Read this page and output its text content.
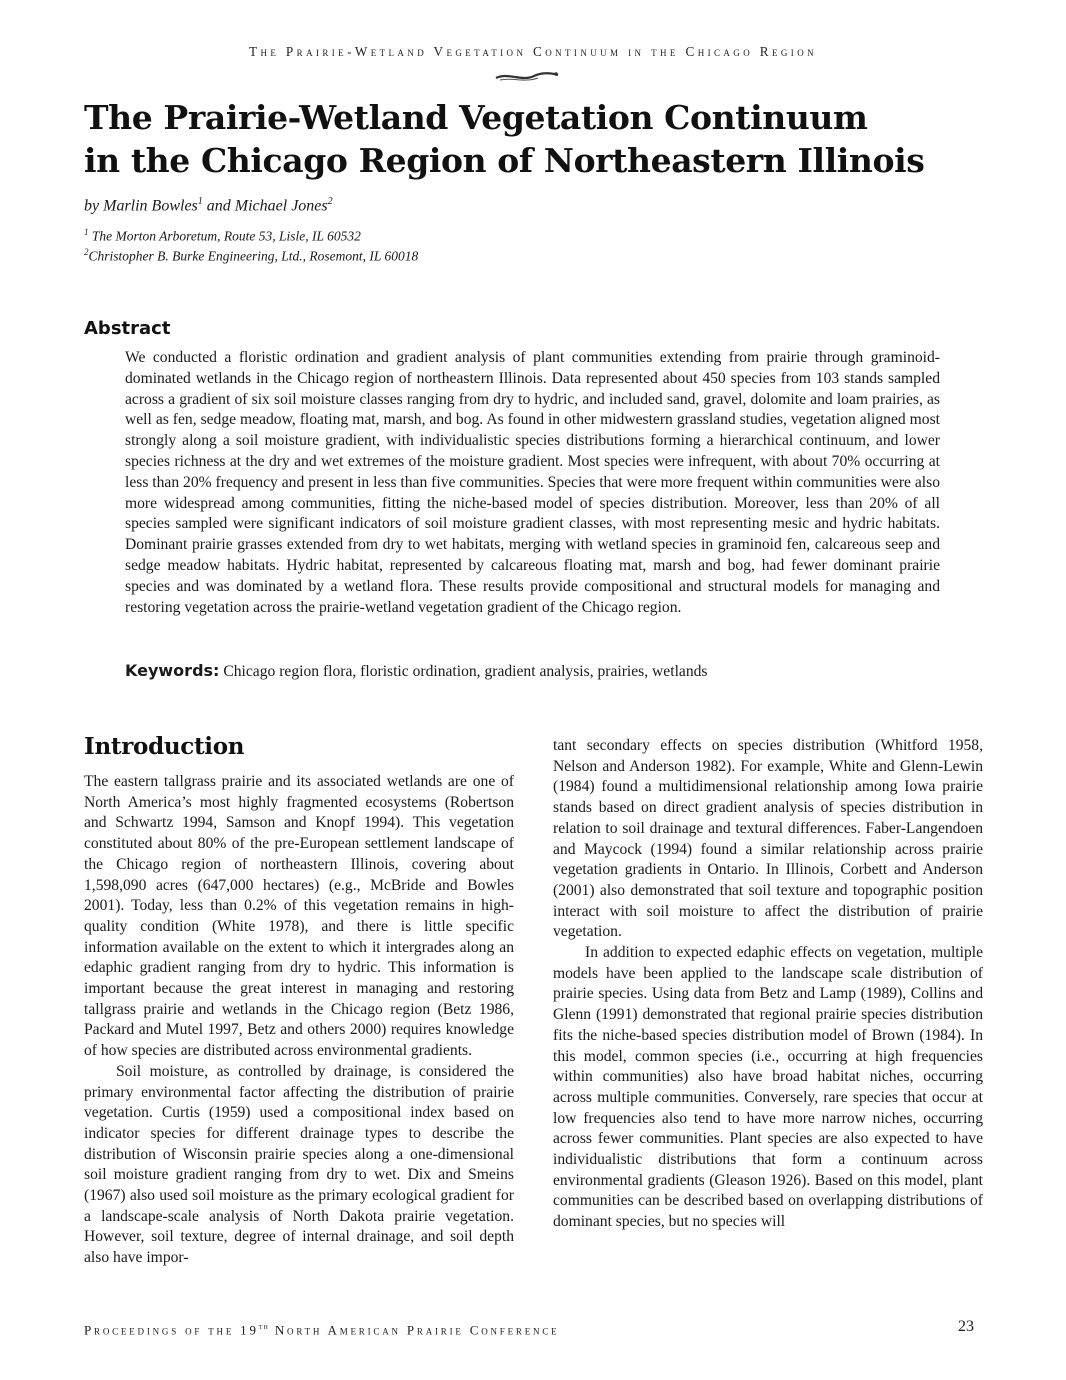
The Prairie-Wetland Vegetation Continuum in the Chicago Region
The Prairie-Wetland Vegetation Continuum
in the Chicago Region of Northeastern Illinois
by Marlin Bowles$^1$ and Michael Jones$^2$
$^1$ The Morton Arboretum, Route 53, Lisle, IL 60532
$^2$Christopher B. Burke Engineering, Ltd., Rosemont, IL 60018
Abstract

We conducted a floristic ordination and gradient analysis of plant communities extending from prairie through graminoid-dominated wetlands in the Chicago region of northeastern Illinois. Data represented about 450 species from 103 stands sampled across a gradient of six soil moisture classes ranging from dry to hydric, and included sand, gravel, dolomite and loam prairies, as well as fen, sedge meadow, floating mat, marsh, and bog. As found in other midwestern grassland studies, vegetation aligned most strongly along a soil moisture gradient, with individualistic species distributions forming a hierarchical continuum, and lower species richness at the dry and wet extremes of the moisture gradient. Most species were infrequent, with about 70% occurring at less than 20% frequency and present in less than five communities. Species that were more frequent within communities were also more widespread among communities, fitting the niche-based model of species distribution. Moreover, less than 20% of all species sampled were significant indicators of soil moisture gradient classes, with most representing mesic and hydric habitats. Dominant prairie grasses extended from dry to wet habitats, merging with wetland species in graminoid fen, calcareous seep and sedge meadow habitats. Hydric habitat, represented by calcareous floating mat, marsh and bog, had fewer dominant prairie species and was dominated by a wetland flora. These results provide compositional and structural models for managing and restoring vegetation across the prairie-wetland vegetation gradient of the Chicago region.

Keywords: Chicago region flora, floristic ordination, gradient analysis, prairies, wetlands
Introduction

The eastern tallgrass prairie and its associated wetlands are one of North America’s most highly fragmented ecosystems (Robertson and Schwartz 1994, Samson and Knopf 1994). This vegetation constituted about 80% of the pre-European settlement landscape of the Chicago region of northeastern Illinois, covering about 1,598,090 acres (647,000 hectares) (e.g., McBride and Bowles 2001). Today, less than 0.2% of this vegetation remains in high-quality condition (White 1978), and there is little specific information available on the extent to which it intergrades along an edaphic gradient ranging from dry to hydric. This information is important because the great interest in managing and restoring tallgrass prairie and wetlands in the Chicago region (Betz 1986, Packard and Mutel 1997, Betz and others 2000) requires knowledge of how species are distributed across environmental gradients.

Soil moisture, as controlled by drainage, is considered the primary environmental factor affecting the distribution of prairie vegetation. Curtis (1959) used a compositional index based on indicator species for different drainage types to describe the distribution of Wisconsin prairie species along a one-dimensional soil moisture gradient ranging from dry to wet. Dix and Smeins (1967) also used soil moisture as the primary ecological gradient for a landscape-scale analysis of North Dakota prairie vegetation. However, soil texture, degree of internal drainage, and soil depth also have impor-

tant secondary effects on species distribution (Whitford 1958, Nelson and Anderson 1982). For example, White and Glenn-Lewin (1984) found a multidimensional relationship among Iowa prairie stands based on direct gradient analysis of species distribution in relation to soil drainage and textural differences. Faber-Langendoen and Maycock (1994) found a similar relationship across prairie vegetation gradients in Ontario. In Illinois, Corbett and Anderson (2001) also demonstrated that soil texture and topographic position interact with soil moisture to affect the distribution of prairie vegetation.

In addition to expected edaphic effects on vegetation, multiple models have been applied to the landscape scale distribution of prairie species. Using data from Betz and Lamp (1989), Collins and Glenn (1991) demonstrated that regional prairie species distribution fits the niche-based species distribution model of Brown (1984). In this model, common species (i.e., occurring at high frequencies within communities) also have broad habitat niches, occurring across multiple communities. Conversely, rare species that occur at low frequencies also tend to have more narrow niches, occurring across fewer communities. Plant species are also expected to have individualistic distributions that form a continuum across environmental gradients (Gleason 1926). Based on this model, plant communities can be described based on overlapping distributions of dominant species, but no species will

Proceedings of the 19th North American Prairie Conference	23
